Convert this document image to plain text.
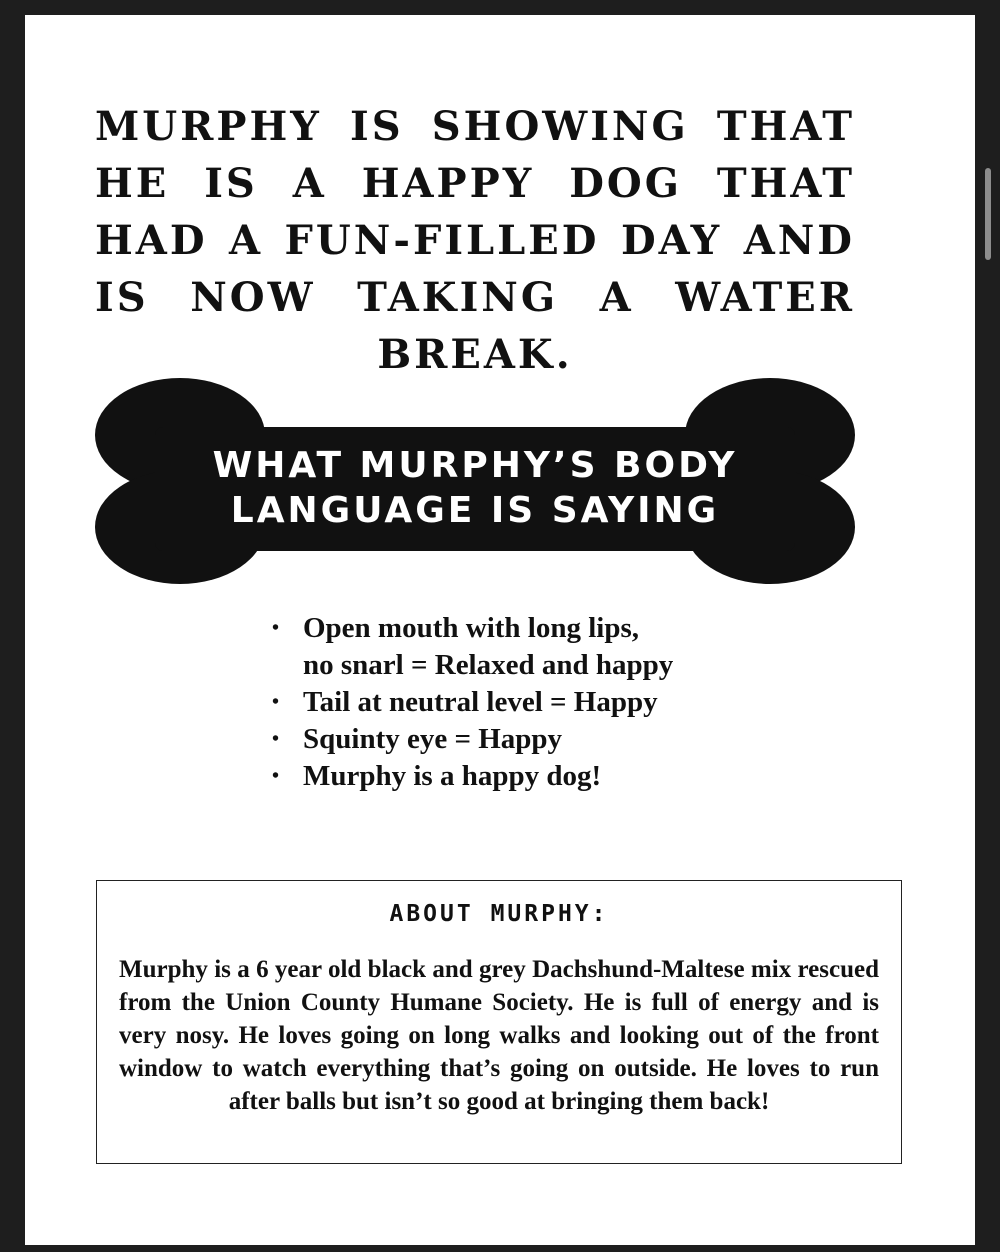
MURPHY IS SHOWING THAT HE IS A HAPPY DOG THAT HAD A FUN-FILLED DAY AND IS NOW TAKING A WATER BREAK.
WHAT MURPHY’S BODY
LANGUAGE IS SAYING
• Open mouth with long lips,
no snarl = Relaxed and happy
• Tail at neutral level = Happy
• Squinty eye = Happy
• Murphy is a happy dog!
ABOUT MURPHY:

Murphy is a 6 year old black and grey Dachshund-Maltese mix rescued from the Union County Humane Society. He is full of energy and is very nosy. He loves going on long walks and looking out of the front window to watch everything that’s going on outside. He loves to run after balls but isn’t so good at bringing them back!
